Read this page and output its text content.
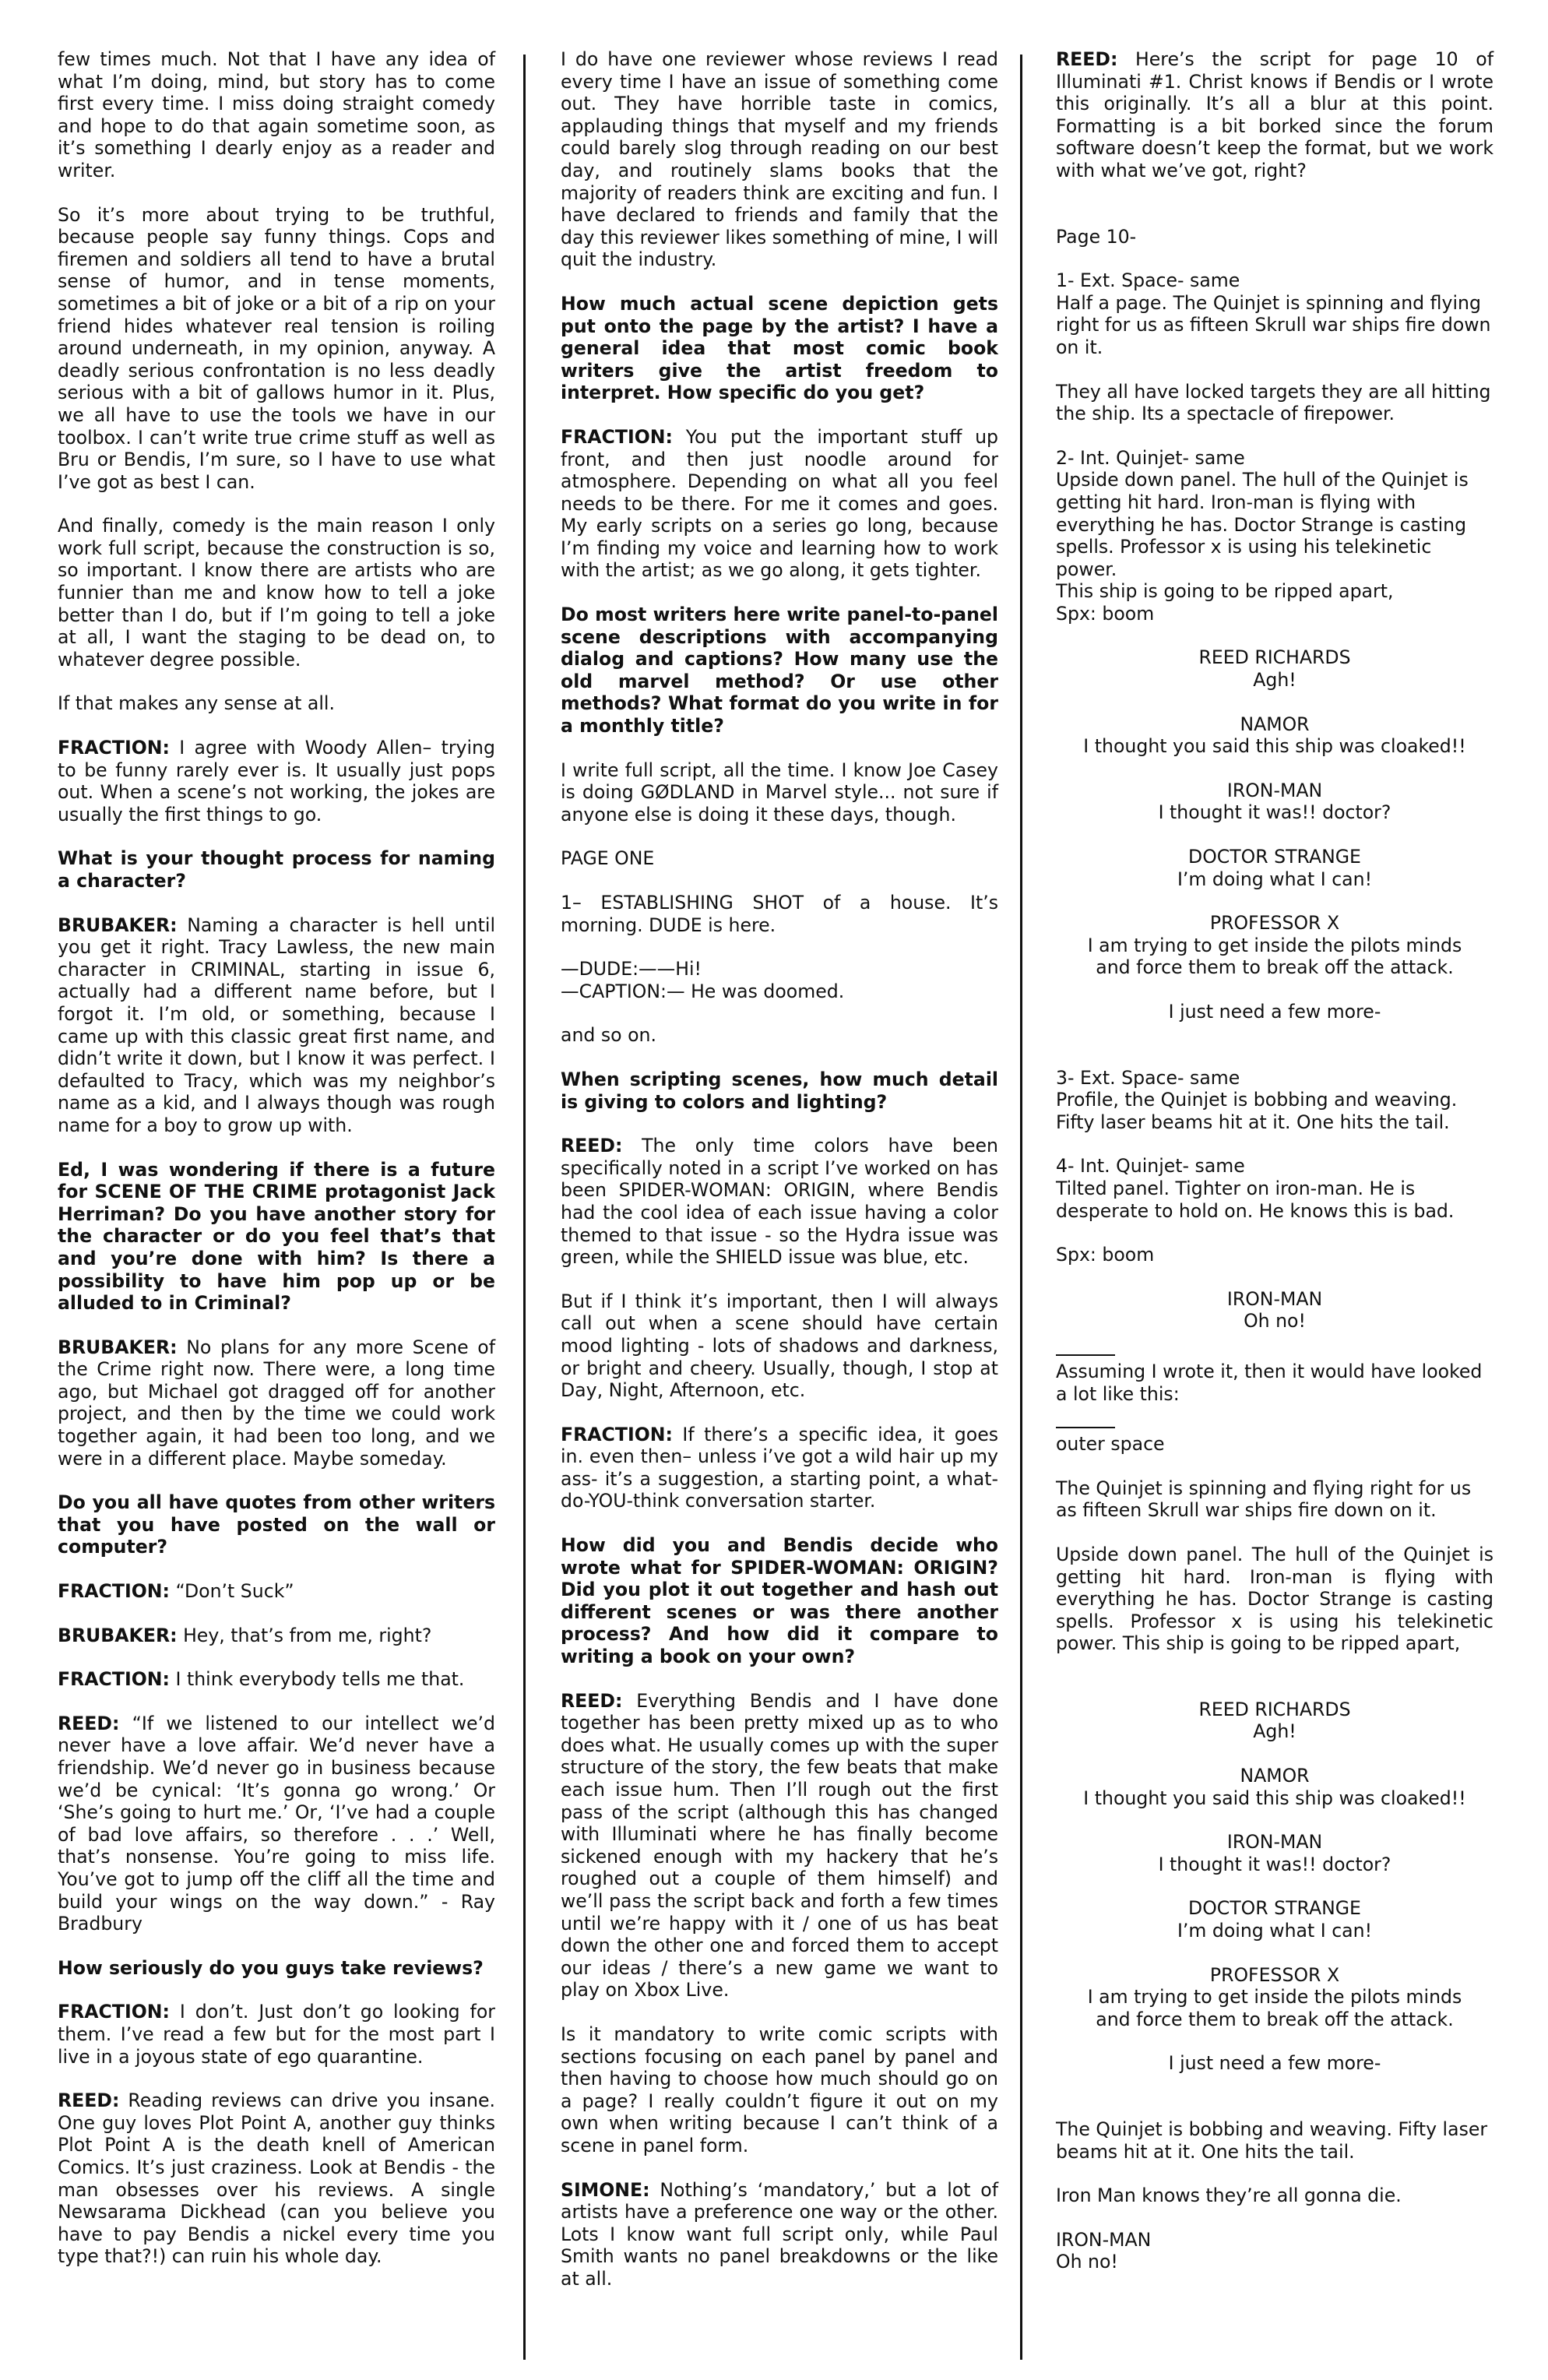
few times much. Not that I have any idea of what I’m doing, mind, but story has to come first every time. I miss doing straight comedy and hope to do that again sometime soon, as it’s something I dearly enjoy as a reader and writer.

So it’s more about trying to be truthful, because people say funny things. Cops and firemen and soldiers all tend to have a brutal sense of humor, and in tense moments, sometimes a bit of joke or a bit of a rip on your friend hides whatever real tension is roiling around underneath, in my opinion, anyway. A deadly serious confrontation is no less deadly serious with a bit of gallows humor in it. Plus, we all have to use the tools we have in our toolbox. I can’t write true crime stuff as well as Bru or Bendis, I’m sure, so I have to use what I’ve got as best I can.

And finally, comedy is the main reason I only work full script, because the construction is so, so important. I know there are artists who are funnier than me and know how to tell a joke better than I do, but if I’m going to tell a joke at all, I want the staging to be dead on, to whatever degree possible.

If that makes any sense at all.

FRACTION: I agree with Woody Allen– trying to be funny rarely ever is. It usually just pops out. When a scene’s not working, the jokes are usually the first things to go.

What is your thought process for naming a character?

BRUBAKER: Naming a character is hell until you get it right. Tracy Lawless, the new main character in CRIMINAL, starting in issue 6, actually had a different name before, but I forgot it. I’m old, or something, because I came up with this classic great first name, and didn’t write it down, but I know it was perfect. I defaulted to Tracy, which was my neighbor’s name as a kid, and I always though was rough name for a boy to grow up with.

Ed, I was wondering if there is a future for SCENE OF THE CRIME protagonist Jack Herriman? Do you have another story for the character or do you feel that’s that and you’re done with him? Is there a possibility to have him pop up or be alluded to in Criminal?

BRUBAKER: No plans for any more Scene of the Crime right now. There were, a long time ago, but Michael got dragged off for another project, and then by the time we could work together again, it had been too long, and we were in a different place. Maybe someday.

Do you all have quotes from other writers that you have posted on the wall or computer?

FRACTION: “Don’t Suck”

BRUBAKER: Hey, that’s from me, right?

FRACTION: I think everybody tells me that.

REED: “If we listened to our intellect we’d never have a love affair. We’d never have a friendship. We’d never go in business because we’d be cynical: ‘It’s gonna go wrong.’ Or ‘She’s going to hurt me.’ Or, ‘I’ve had a couple of bad love affairs, so therefore . . .’ Well, that’s nonsense. You’re going to miss life. You’ve got to jump off the cliff all the time and build your wings on the way down.” - Ray Bradbury

How seriously do you guys take reviews?

FRACTION: I don’t. Just don’t go looking for them. I’ve read a few but for the most part I live in a joyous state of ego quarantine.

REED: Reading reviews can drive you insane. One guy loves Plot Point A, another guy thinks Plot Point A is the death knell of American Comics. It’s just craziness. Look at Bendis - the man obsesses over his reviews. A single Newsarama Dickhead (can you believe you have to pay Bendis a nickel every time you type that?!) can ruin his whole day.

I do have one reviewer whose reviews I read every time I have an issue of something come out. They have horrible taste in comics, applauding things that myself and my friends could barely slog through reading on our best day, and routinely slams books that the majority of readers think are exciting and fun. I have declared to friends and family that the day this reviewer likes something of mine, I will quit the industry.

How much actual scene depiction gets put onto the page by the artist? I have a general idea that most comic book writers give the artist freedom to interpret. How specific do you get?

FRACTION: You put the important stuff up front, and then just noodle around for atmosphere. Depending on what all you feel needs to be there. For me it comes and goes. My early scripts on a series go long, because I’m finding my voice and learning how to work with the artist; as we go along, it gets tighter.

Do most writers here write panel-to-panel scene descriptions with accompanying dialog and captions? How many use the old marvel method? Or use other methods? What format do you write in for a monthly title?

I write full script, all the time. I know Joe Casey is doing GØDLAND in Marvel style... not sure if anyone else is doing it these days, though.

PAGE ONE

1– ESTABLISHING SHOT of a house. It’s morning. DUDE is here.

—DUDE:——Hi!
—CAPTION:— He was doomed.

and so on.

When scripting scenes, how much detail is giving to colors and lighting?

REED: The only time colors have been specifically noted in a script I’ve worked on has been SPIDER-WOMAN: ORIGIN, where Bendis had the cool idea of each issue having a color themed to that issue - so the Hydra issue was green, while the SHIELD issue was blue, etc.

But if I think it’s important, then I will always call out when a scene should have certain mood lighting - lots of shadows and darkness, or bright and cheery. Usually, though, I stop at Day, Night, Afternoon, etc.

FRACTION: If there’s a specific idea, it goes in. even then– unless i’ve got a wild hair up my ass- it’s a suggestion, a starting point, a what-do-YOU-think conversation starter.

How did you and Bendis decide who wrote what for SPIDER-WOMAN: ORIGIN? Did you plot it out together and hash out different scenes or was there another process? And how did it compare to writing a book on your own?

REED: Everything Bendis and I have done together has been pretty mixed up as to who does what. He usually comes up with the super structure of the story, the few beats that make each issue hum. Then I’ll rough out the first pass of the script (although this has changed with Illuminati where he has finally become sickened enough with my hackery that he’s roughed out a couple of them himself) and we’ll pass the script back and forth a few times until we’re happy with it / one of us has beat down the other one and forced them to accept our ideas / there’s a new game we want to play on Xbox Live.

Is it mandatory to write comic scripts with sections focusing on each panel by panel and then having to choose how much should go on a page? I really couldn’t figure it out on my own when writing because I can’t think of a scene in panel form.

SIMONE: Nothing’s ‘mandatory,’ but a lot of artists have a preference one way or the other. Lots I know want full script only, while Paul Smith wants no panel breakdowns or the like at all.

REED: Here’s the script for page 10 of Illuminati #1. Christ knows if Bendis or I wrote this originally. It’s all a blur at this point. Formatting is a bit borked since the forum software doesn’t keep the format, but we work with what we’ve got, right?

Page 10-

1- Ext. Space- same
Half a page. The Quinjet is spinning and flying right for us as fifteen Skrull war ships fire down on it.

They all have locked targets they are all hitting the ship. Its a spectacle of firepower.

2- Int. Quinjet- same
Upside down panel. The hull of the Quinjet is getting hit hard. Iron-man is flying with everything he has. Doctor Strange is casting spells. Professor x is using his telekinetic power.
This ship is going to be ripped apart,
Spx: boom
REED RICHARDS
Agh!
NAMOR
I thought you said this ship was cloaked!!
IRON-MAN
I thought it was!! doctor?
DOCTOR STRANGE
I’m doing what I can!
PROFESSOR X
I am trying to get inside the pilots minds
and force them to break off the attack.
I just need a few more-
3- Ext. Space- same
Profile, the Quinjet is bobbing and weaving. Fifty laser beams hit at it. One hits the tail.
4- Int. Quinjet- same
Tilted panel. Tighter on iron-man. He is desperate to hold on. He knows this is bad.

Spx: boom

IRON-MAN
Oh no!

Assuming I wrote it, then it would have looked a lot like this:

outer space

The Quinjet is spinning and flying right for us as fifteen Skrull war ships fire down on it.

Upside down panel. The hull of the Quinjet is getting hit hard. Iron-man is flying with everything he has. Doctor Strange is casting spells. Professor x is using his telekinetic power. This ship is going to be ripped apart,

REED RICHARDS
Agh!
NAMOR
I thought you said this ship was cloaked!!
IRON-MAN
I thought it was!! doctor?
DOCTOR STRANGE
I’m doing what I can!
PROFESSOR X
I am trying to get inside the pilots minds
and force them to break off the attack.
I just need a few more-

The Quinjet is bobbing and weaving. Fifty laser beams hit at it. One hits the tail.

Iron Man knows they’re all gonna die.

IRON-MAN
Oh no!
